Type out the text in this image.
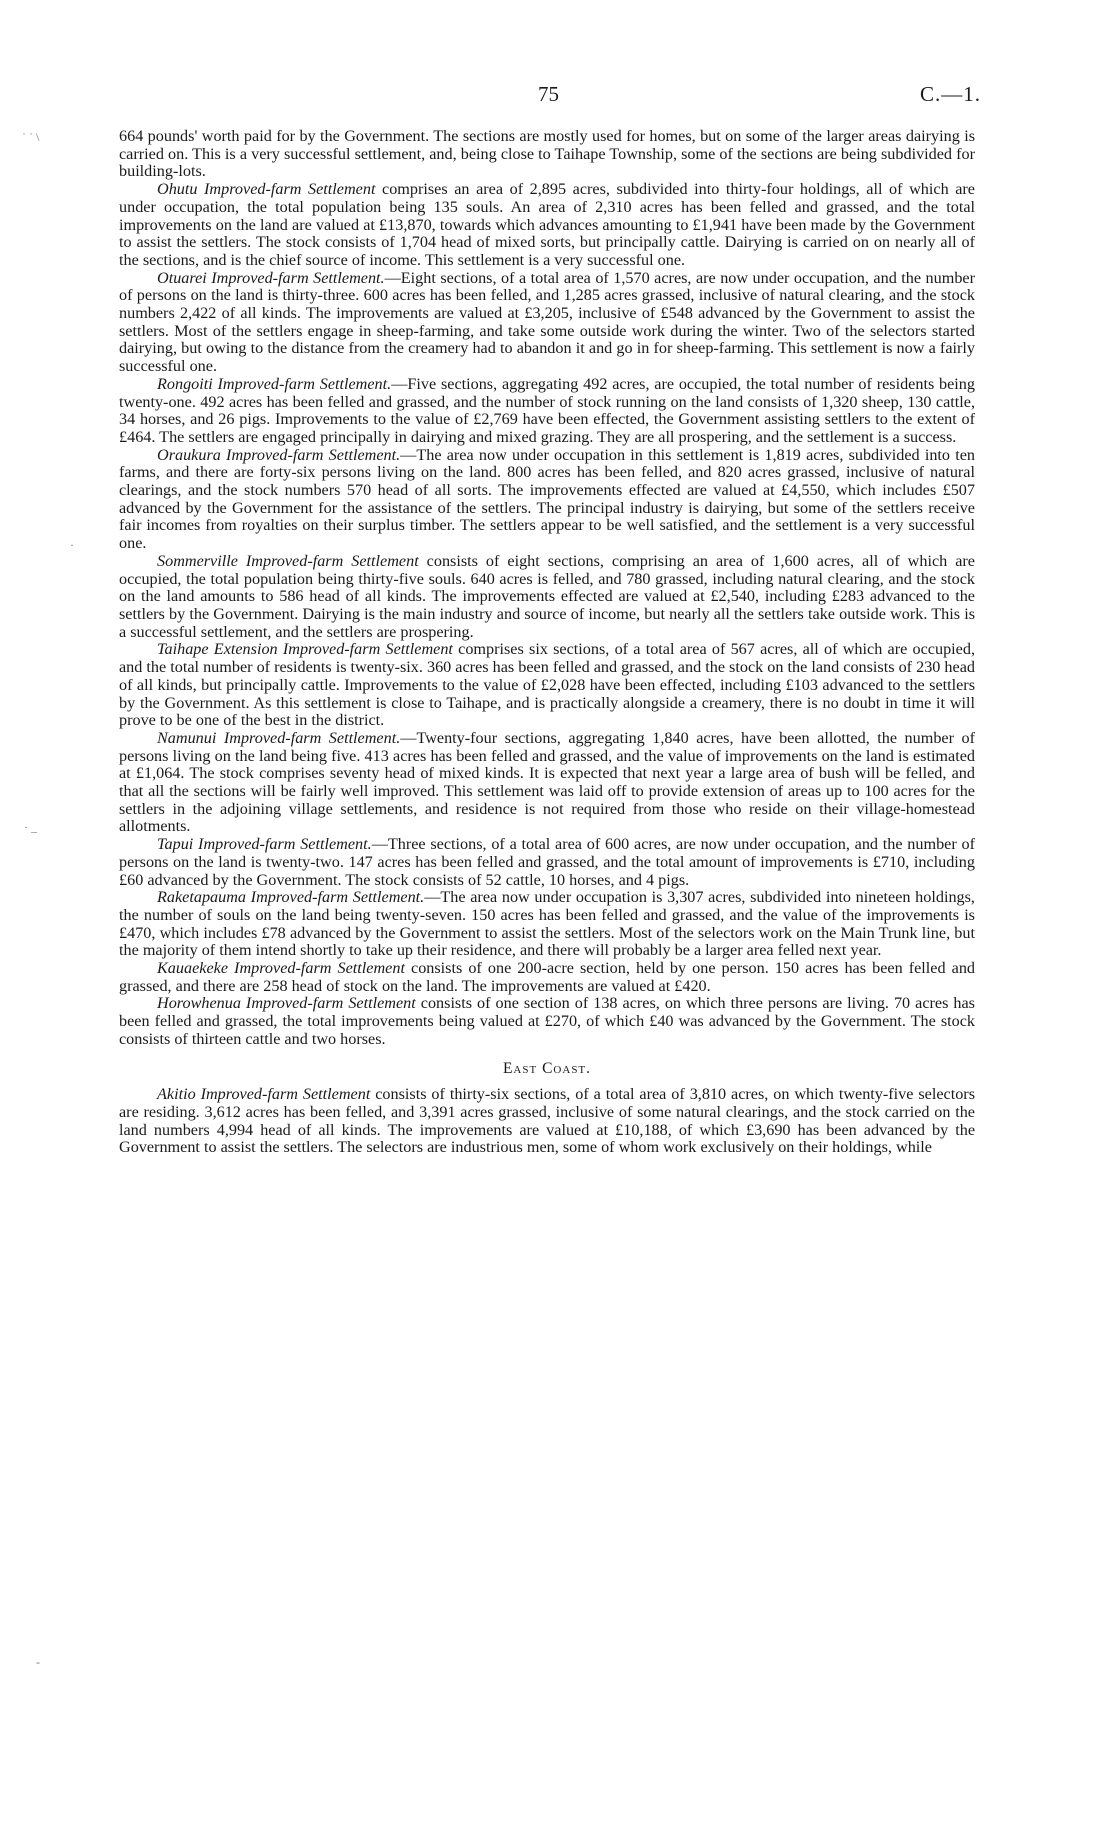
75	C.—1.
˙ ˙ \
·
· _
-

664 pounds' worth paid for by the Government. The sections are mostly used for homes, but on some of the larger areas dairying is carried on. This is a very successful settlement, and, being close to Taihape Township, some of the sections are being subdivided for building-lots.

Ohutu Improved-farm Settlement comprises an area of 2,895 acres, subdivided into thirty-four holdings, all of which are under occupation, the total population being 135 souls. An area of 2,310 acres has been felled and grassed, and the total improvements on the land are valued at £13,870, towards which advances amounting to £1,941 have been made by the Government to assist the settlers. The stock consists of 1,704 head of mixed sorts, but principally cattle. Dairying is carried on on nearly all of the sections, and is the chief source of income. This settlement is a very successful one.

Otuarei Improved-farm Settlement.—Eight sections, of a total area of 1,570 acres, are now under occupation, and the number of persons on the land is thirty-three. 600 acres has been felled, and 1,285 acres grassed, inclusive of natural clearing, and the stock numbers 2,422 of all kinds. The improvements are valued at £3,205, inclusive of £548 advanced by the Government to assist the settlers. Most of the settlers engage in sheep-farming, and take some outside work during the winter. Two of the selectors started dairying, but owing to the distance from the creamery had to abandon it and go in for sheep-farming. This settlement is now a fairly successful one.

Rongoiti Improved-farm Settlement.—Five sections, aggregating 492 acres, are occupied, the total number of residents being twenty-one. 492 acres has been felled and grassed, and the number of stock running on the land consists of 1,320 sheep, 130 cattle, 34 horses, and 26 pigs. Improvements to the value of £2,769 have been effected, the Government assisting settlers to the extent of £464. The settlers are engaged principally in dairying and mixed grazing. They are all prospering, and the settlement is a success.

Oraukura Improved-farm Settlement.—The area now under occupation in this settlement is 1,819 acres, subdivided into ten farms, and there are forty-six persons living on the land. 800 acres has been felled, and 820 acres grassed, inclusive of natural clearings, and the stock numbers 570 head of all sorts. The improvements effected are valued at £4,550, which includes £507 advanced by the Government for the assistance of the settlers. The principal industry is dairying, but some of the settlers receive fair incomes from royalties on their surplus timber. The settlers appear to be well satisfied, and the settlement is a very successful one.

Sommerville Improved-farm Settlement consists of eight sections, comprising an area of 1,600 acres, all of which are occupied, the total population being thirty-five souls. 640 acres is felled, and 780 grassed, including natural clearing, and the stock on the land amounts to 586 head of all kinds. The improvements effected are valued at £2,540, including £283 advanced to the settlers by the Government. Dairying is the main industry and source of income, but nearly all the settlers take outside work. This is a successful settlement, and the settlers are prospering.

Taihape Extension Improved-farm Settlement comprises six sections, of a total area of 567 acres, all of which are occupied, and the total number of residents is twenty-six. 360 acres has been felled and grassed, and the stock on the land consists of 230 head of all kinds, but principally cattle. Improvements to the value of £2,028 have been effected, including £103 advanced to the settlers by the Government. As this settlement is close to Taihape, and is practically alongside a creamery, there is no doubt in time it will prove to be one of the best in the district.

Namunui Improved-farm Settlement.—Twenty-four sections, aggregating 1,840 acres, have been allotted, the number of persons living on the land being five. 413 acres has been felled and grassed, and the value of improvements on the land is estimated at £1,064. The stock comprises seventy head of mixed kinds. It is expected that next year a large area of bush will be felled, and that all the sections will be fairly well improved. This settlement was laid off to provide extension of areas up to 100 acres for the settlers in the adjoining village settlements, and residence is not required from those who reside on their village-homestead allotments.

Tapui Improved-farm Settlement.—Three sections, of a total area of 600 acres, are now under occupation, and the number of persons on the land is twenty-two. 147 acres has been felled and grassed, and the total amount of improvements is £710, including £60 advanced by the Government. The stock consists of 52 cattle, 10 horses, and 4 pigs.

Raketapauma Improved-farm Settlement.—The area now under occupation is 3,307 acres, subdivided into nineteen holdings, the number of souls on the land being twenty-seven. 150 acres has been felled and grassed, and the value of the improvements is £470, which includes £78 advanced by the Government to assist the settlers. Most of the selectors work on the Main Trunk line, but the majority of them intend shortly to take up their residence, and there will probably be a larger area felled next year.

Kauaekeke Improved-farm Settlement consists of one 200-acre section, held by one person. 150 acres has been felled and grassed, and there are 258 head of stock on the land. The improvements are valued at £420.

Horowhenua Improved-farm Settlement consists of one section of 138 acres, on which three persons are living. 70 acres has been felled and grassed, the total improvements being valued at £270, of which £40 was advanced by the Government. The stock consists of thirteen cattle and two horses.

East Coast.

Akitio Improved-farm Settlement consists of thirty-six sections, of a total area of 3,810 acres, on which twenty-five selectors are residing. 3,612 acres has been felled, and 3,391 acres grassed, inclusive of some natural clearings, and the stock carried on the land numbers 4,994 head of all kinds. The improvements are valued at £10,188, of which £3,690 has been advanced by the Government to assist the settlers. The selectors are industrious men, some of whom work exclusively on their holdings, while
